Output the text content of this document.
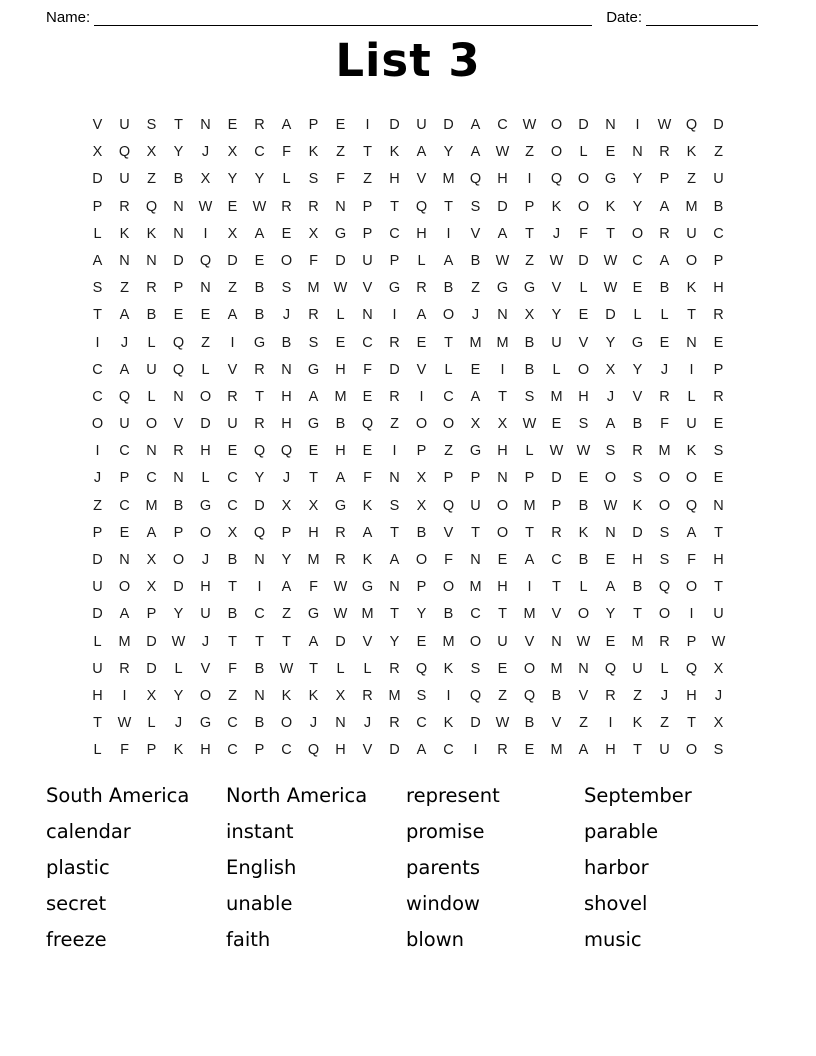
Name:	Date:
List 3
V	U	S	T	N	E	R	A	P	E	I	D	U	D	A	C	W	O	D	N	I	W	Q	D
X	Q	X	Y	J	X	C	F	K	Z	T	K	A	Y	A	W	Z	O	L	E	N	R	K	Z
D	U	Z	B	X	Y	Y	L	S	F	Z	H	V	M	Q	H	I	Q	O	G	Y	P	Z	U
P	R	Q	N	W	E	W	R	R	N	P	T	Q	T	S	D	P	K	O	K	Y	A	M	B
L	K	K	N	I	X	A	E	X	G	P	C	H	I	V	A	T	J	F	T	O	R	U	C
A	N	N	D	Q	D	E	O	F	D	U	P	L	A	B	W	Z	W	D	W	C	A	O	P
S	Z	R	P	N	Z	B	S	M W	V	G	R	B	Z	G	G	V	L	W	E	B	K	H
T	A	B	E	E	A	B	J	R	L	N	I	A	O	J	N	X	Y	E	D	L	L	T	R
I	J	L	Q	Z	I	G	B	S	E	C	R	E	T	M	M	B	U	V	Y	G	E	N	E
C	A	U	Q	L	V	R	N	G	H	F	D	V	L	E	I	B	L	O	X	Y	J	I	P
C	Q	L	N	O	R	T	H	A	M	E	R	I	C	A	T	S	M	H	J	V	R	L	R
O	U	O	V	D	U	R	H	G	B	Q	Z	O	O	X	X	W	E	S	A	B	F	U	E
I	C	N	R	H	E	Q	Q	E	H	E	I	P	Z	G	H	L	W W	S	R	M	K	S
J	P	C	N	L	C	Y	J	T	A	F	N	X	P	P	N	P	D	E	O	S	O	O	E
Z	C	M	B	G	C	D	X	X	G	K	S	X	Q	U	O	M	P	B	W	K	O	Q	N
P	E	A	P	O	X	Q	P	H	R	A	T	B	V	T	O	T	R	K	N	D	S	A	T
D	N	X	O	J	B	N	Y	M	R	K	A	O	F	N	E	A	C	B	E	H	S	F	H
U	O	X	D	H	T	I	A	F	W	G	N	P	O	M	H	I	T	L	A	B	Q	O	T
D	A	P	Y	U	B	C	Z	G	W M	T	Y	B	C	T	M	V	O	Y	T	O	I	U
L	M	D	W	J	T	T	T	A	D	V	Y	E	M	O	U	V	N	W	E	M	R	P	W
U	R	D	L	V	F	B	W	T	L	L	R	Q	K	S	E	O	M	N	Q	U	L	Q	X
H	I	X	Y	O	Z	N	K	K	X	R	M	S	I	Q	Z	Q	B	V	R	Z	J	H	J
T	W	L	J	G	C	B	O	J	N	J	R	C	K	D	W	B	V	Z	I	K	Z	T	X
L	F	P	K	H	C	P	C	Q	H	V	D	A	C	I	R	E	M	A	H	T	U	O	S
South America
calendar
plastic
secret
freeze
North America
instant
English
unable
faith
represent
promise
parents
window
blown
September
parable
harbor
shovel
music
